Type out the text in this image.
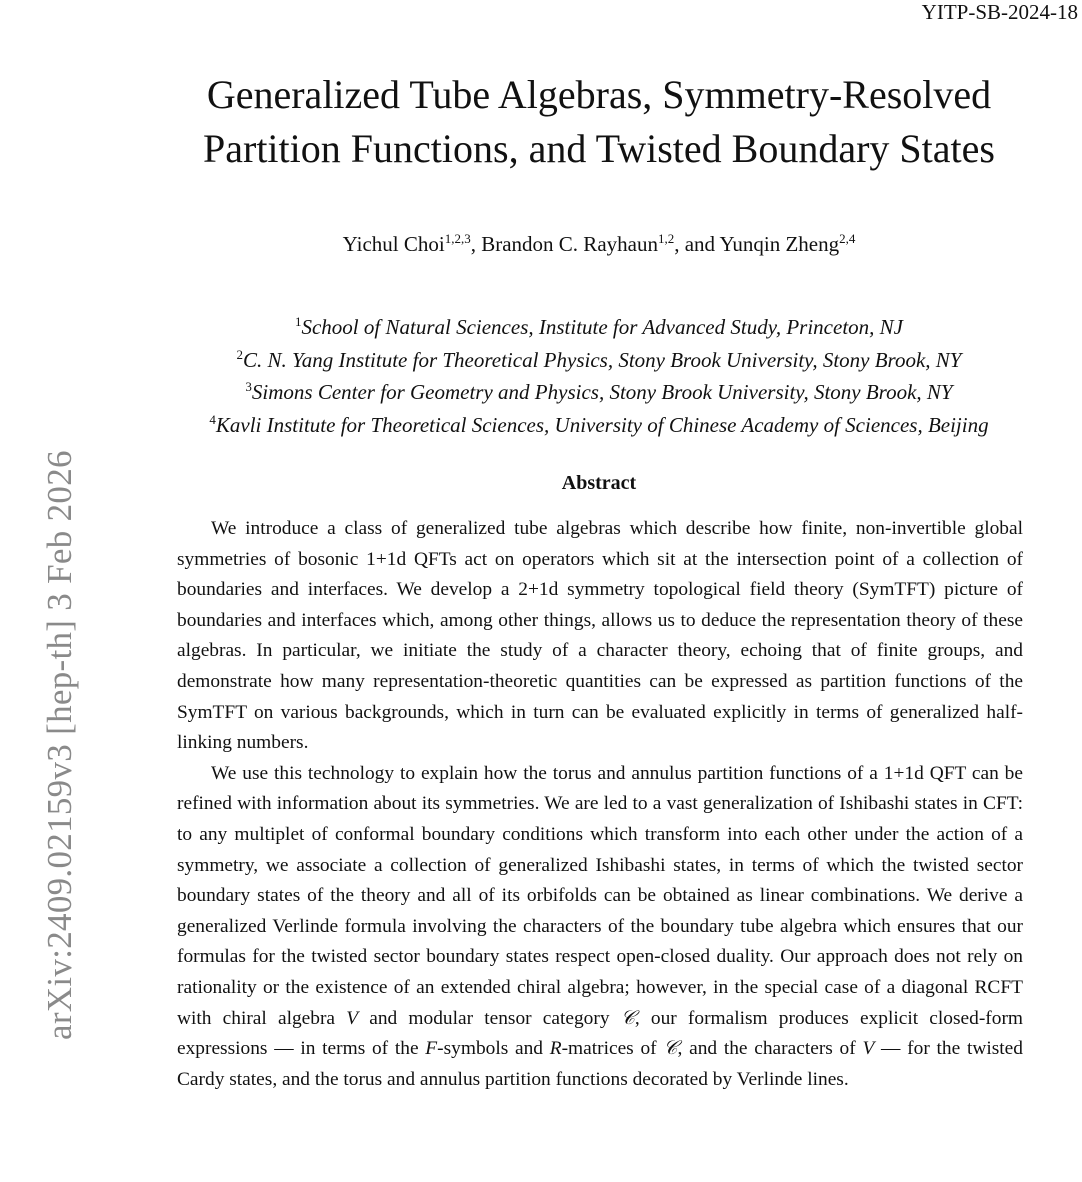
YITP-SB-2024-18
arXiv:2409.02159v3 [hep-th] 3 Feb 2026
Generalized Tube Algebras, Symmetry-Resolved
Partition Functions, and Twisted Boundary States
Yichul Choi$^{1,2,3}$, Brandon C. Rayhaun$^{1,2}$, and Yunqin Zheng$^{2,4}$
$^1$School of Natural Sciences, Institute for Advanced Study, Princeton, NJ
$^2$C. N. Yang Institute for Theoretical Physics, Stony Brook University, Stony Brook, NY
$^3$Simons Center for Geometry and Physics, Stony Brook University, Stony Brook, NY
$^4$Kavli Institute for Theoretical Sciences, University of Chinese Academy of Sciences, Beijing
Abstract

We introduce a class of generalized tube algebras which describe how finite, non-invertible global symmetries of bosonic 1+1d QFTs act on operators which sit at the intersection point of a collection of boundaries and interfaces. We develop a 2+1d symmetry topological field theory (SymTFT) picture of boundaries and interfaces which, among other things, allows us to deduce the representation theory of these algebras. In particular, we initiate the study of a character theory, echoing that of finite groups, and demonstrate how many representation-theoretic quantities can be expressed as partition functions of the SymTFT on various backgrounds, which in turn can be evaluated explicitly in terms of generalized half-linking numbers.

We use this technology to explain how the torus and annulus partition functions of a 1+1d QFT can be refined with information about its symmetries. We are led to a vast generalization of Ishibashi states in CFT: to any multiplet of conformal boundary conditions which transform into each other under the action of a symmetry, we associate a collection of generalized Ishibashi states, in terms of which the twisted sector boundary states of the theory and all of its orbifolds can be obtained as linear combinations. We derive a generalized Verlinde formula involving the characters of the boundary tube algebra which ensures that our formulas for the twisted sector boundary states respect open-closed duality. Our approach does not rely on rationality or the existence of an extended chiral algebra; however, in the special case of a diagonal RCFT with chiral algebra V and modular tensor category 𝒞, our formalism produces explicit closed-form expressions — in terms of the F-symbols and R-matrices of 𝒞, and the characters of V — for the twisted Cardy states, and the torus and annulus partition functions decorated by Verlinde lines.
